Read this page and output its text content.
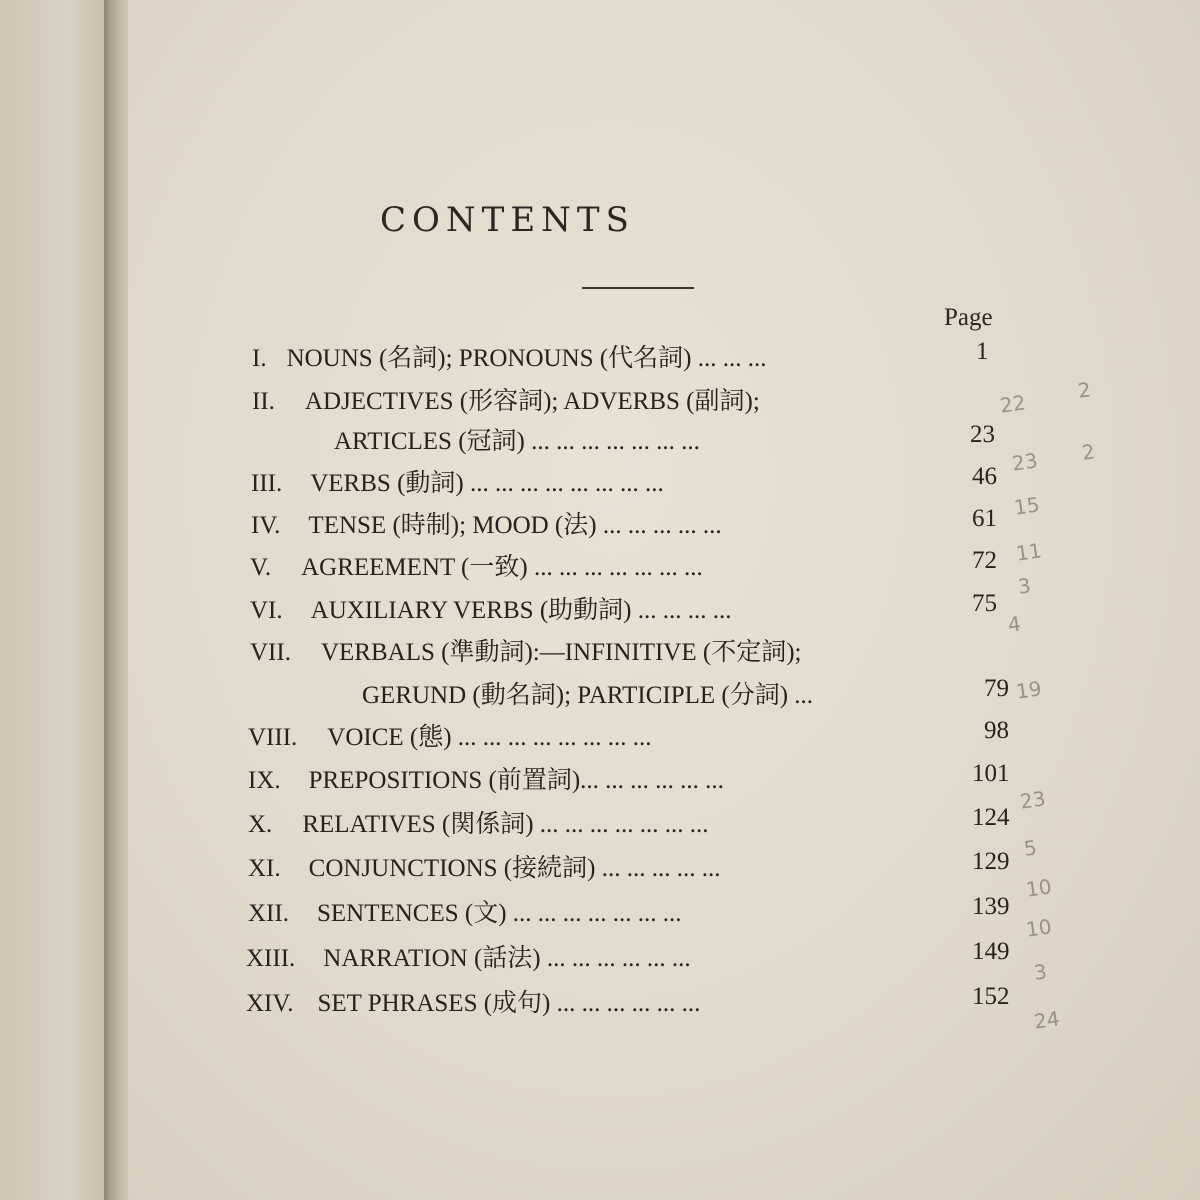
CONTENTS
Page
I. NOUNS (名詞); PRONOUNS (代名詞) ... ... ...	1
II. ADJECTIVES (形容詞); ADVERBS (副詞);
ARTICLES (冠詞) ... ... ... ... ... ... ...	23
III. VERBS (動詞) ... ... ... ... ... ... ... ...	46
IV. TENSE (時制); MOOD (法) ... ... ... ... ...	61
V. AGREEMENT (一致) ... ... ... ... ... ... ...	72
VI. AUXILIARY VERBS (助動詞) ... ... ... ...	75
VII. VERBALS (準動詞):—INFINITIVE (不定詞);
GERUND (動名詞); PARTICIPLE (分詞) ...	79
VIII. VOICE (態) ... ... ... ... ... ... ... ...	98
IX. PREPOSITIONS (前置詞)... ... ... ... ... ...	101
X. RELATIVES (関係詞) ... ... ... ... ... ... ...	124
XI. CONJUNCTIONS (接続詞) ... ... ... ... ...	129
XII. SENTENCES (文) ... ... ... ... ... ... ...	139
XIII. NARRATION (話法) ... ... ... ... ... ...	149
XIV. SET PHRASES (成句) ... ... ... ... ... ...	152
22
2
23 2
15
11
3
4
19
23
5
10
10
3
24
